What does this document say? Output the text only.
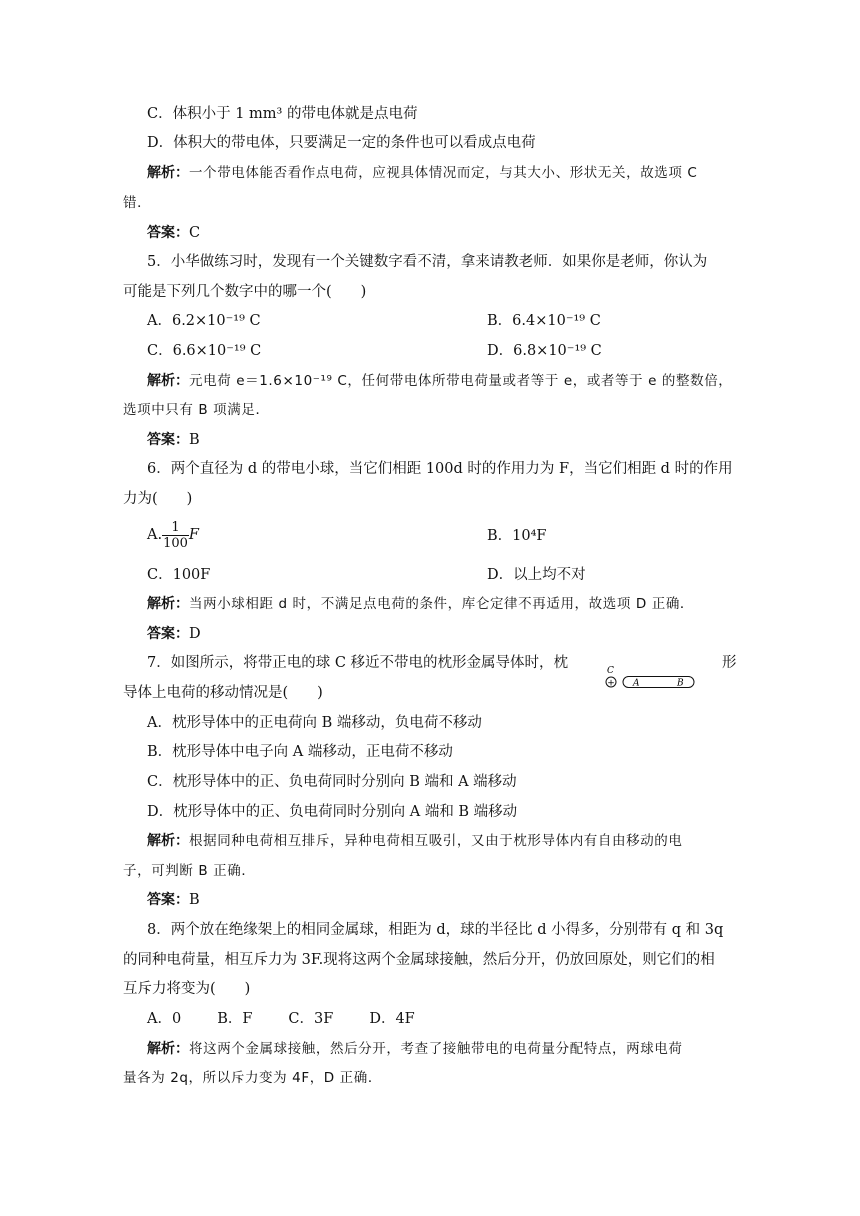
C．体积小于 1 mm³ 的带电体就是点电荷
D．体积大的带电体，只要满足一定的条件也可以看成点电荷
解析：一个带电体能否看作点电荷，应视具体情况而定，与其大小、形状无关，故选项 C
错．
答案：C
5．小华做练习时，发现有一个关键数字看不清，拿来请教老师．如果你是老师，你认为
可能是下列几个数字中的哪一个(　　)
A．6.2×10⁻¹⁹ C	B．6.4×10⁻¹⁹ C
C．6.6×10⁻¹⁹ C	D．6.8×10⁻¹⁹ C
解析：元电荷 e＝1.6×10⁻¹⁹ C，任何带电体所带电荷量或者等于 e，或者等于 e 的整数倍，
选项中只有 B 项满足．
答案：B
6．两个直径为 d 的带电小球，当它们相距 100d 时的作用力为 F，当它们相距 d 时的作用
力为(　　)
A. $\frac{1}{100}$ F	B．10⁴F
C．100F	D．以上均不对
解析：当两小球相距 d 时，不满足点电荷的条件，库仑定律不再适用，故选项 D 正确．
答案：D
7．如图所示，将带正电的球 C 移近不带电的枕形金属导体时，枕	形
导体上电荷的移动情况是(　　)
C
+ A	B
A．枕形导体中的正电荷向 B 端移动，负电荷不移动
B．枕形导体中电子向 A 端移动，正电荷不移动
C．枕形导体中的正、负电荷同时分别向 B 端和 A 端移动
D．枕形导体中的正、负电荷同时分别向 A 端和 B 端移动
解析：根据同种电荷相互排斥，异种电荷相互吸引，又由于枕形导体内有自由移动的电
子，可判断 B 正确．
答案：B
8．两个放在绝缘架上的相同金属球，相距为 d，球的半径比 d 小得多，分别带有 q 和 3q
的同种电荷量，相互斥力为 3F.现将这两个金属球接触，然后分开，仍放回原处，则它们的相
互斥力将变为(　　)
A．0 B．F C．3F D．4F
解析：将这两个金属球接触，然后分开，考查了接触带电的电荷量分配特点，两球电荷
量各为 2q，所以斥力变为 4F，D 正确．
